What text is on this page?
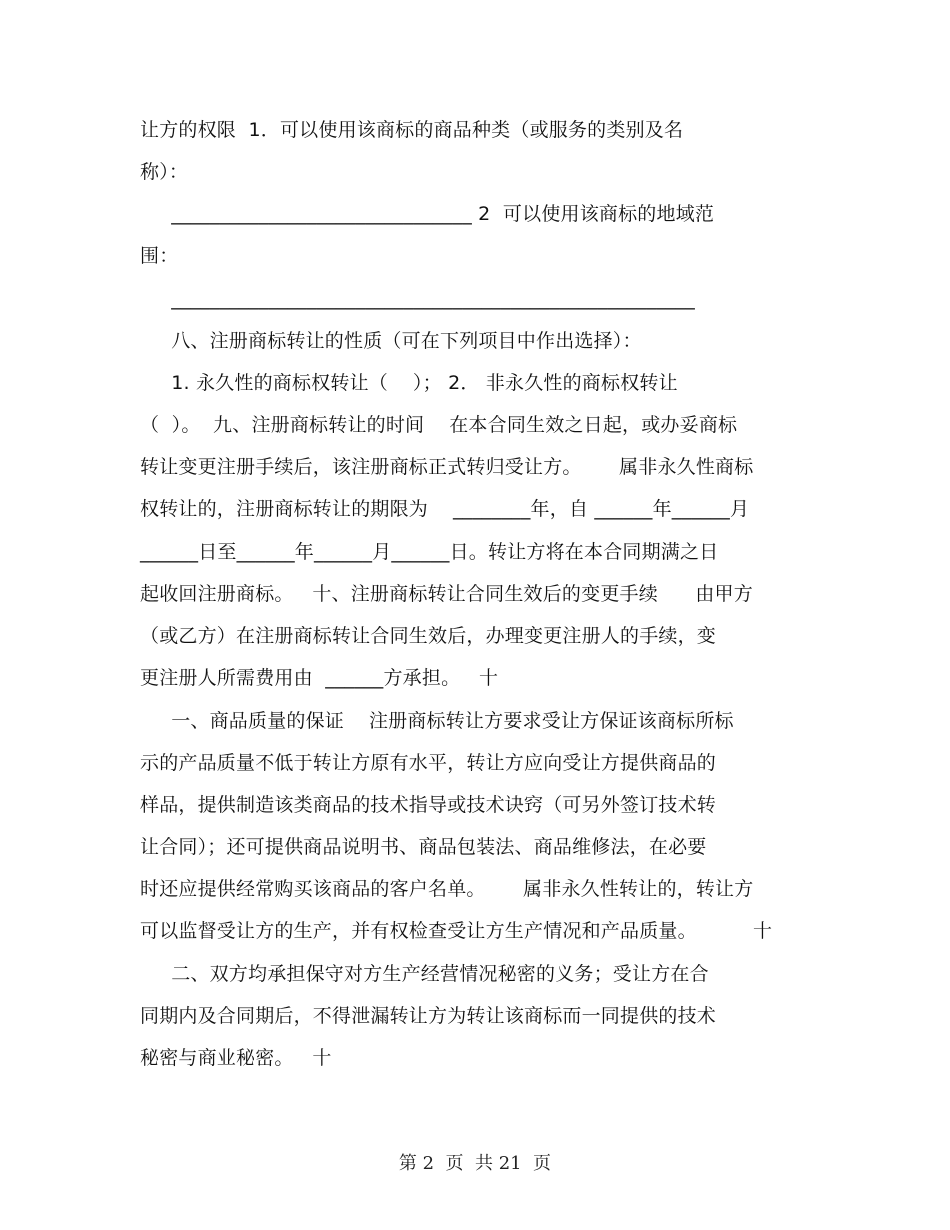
让方的权限  1．可以使用该商标的商品种类（或服务的类别及名
称）：
_______________________________ 2  可以使用该商标的地域范
围：
______________________________________________________
八、注册商标转让的性质（可在下列项目中作出选择）：
1. 永久性的商标权转让（    ）； 2． 非永久性的商标权转让
（  ）。  九、注册商标转让的时间    在本合同生效之日起，或办妥商标
转让变更注册手续后，该注册商标正式转归受让方。      属非永久性商标
权转让的，注册商标转让的期限为    ________年，自 ______年______月
______日至______年______月______日。转让方将在本合同期满之日
起收回注册商标。   十、注册商标转让合同生效后的变更手续      由甲方
（或乙方）在注册商标转让合同生效后，办理变更注册人的手续，变
更注册人所需费用由  ______方承担。   十
一、商品质量的保证    注册商标转让方要求受让方保证该商标所标
示的产品质量不低于转让方原有水平，转让方应向受让方提供商品的
样品，提供制造该类商品的技术指导或技术诀窍（可另外签订技术转
让合同）；还可提供商品说明书、商品包装法、商品维修法，在必要
时还应提供经常购买该商品的客户名单。      属非永久性转让的，转让方
可以监督受让方的生产，并有权检查受让方生产情况和产品质量。         十
二、双方均承担保守对方生产经营情况秘密的义务；受让方在合
同期内及合同期后，不得泄漏转让方为转让该商标而一同提供的技术
秘密与商业秘密。   十
第 2  页  共 21  页
